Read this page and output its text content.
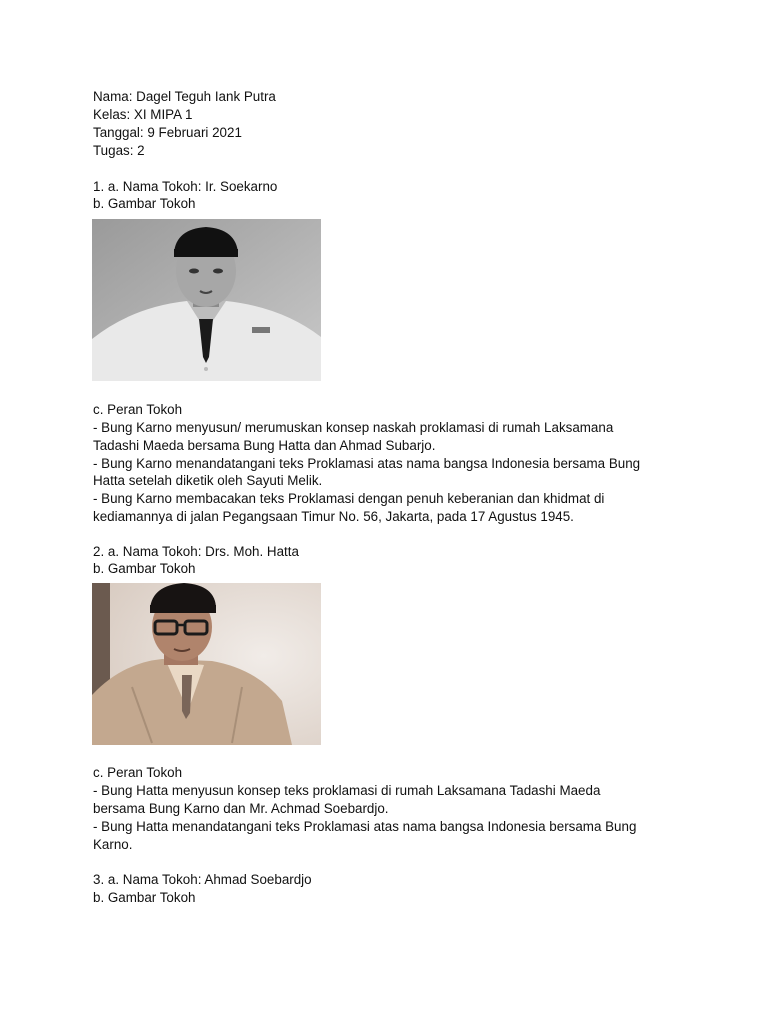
Nama: Dagel Teguh Iank Putra

Kelas: XI MIPA 1

Tanggal: 9 Februari 2021

Tugas: 2

1. a. Nama Tokoh: Ir. Soekarno

b. Gambar Tokoh

c. Peran Tokoh

- Bung Karno menyusun/ merumuskan konsep naskah proklamasi di rumah Laksamana

Tadashi Maeda bersama Bung Hatta dan Ahmad Subarjo.

- Bung Karno menandatangani teks Proklamasi atas nama bangsa Indonesia bersama Bung

Hatta setelah diketik oleh Sayuti Melik.

- Bung Karno membacakan teks Proklamasi dengan penuh keberanian dan khidmat di

kediamannya di jalan Pegangsaan Timur No. 56, Jakarta, pada 17 Agustus 1945.

2. a. Nama Tokoh: Drs. Moh. Hatta

b. Gambar Tokoh

c. Peran Tokoh

- Bung Hatta menyusun konsep teks proklamasi di rumah Laksamana Tadashi Maeda

bersama Bung Karno dan Mr. Achmad Soebardjo.

- Bung Hatta menandatangani teks Proklamasi atas nama bangsa Indonesia bersama Bung

Karno.

3. a. Nama Tokoh: Ahmad Soebardjo

b. Gambar Tokoh
